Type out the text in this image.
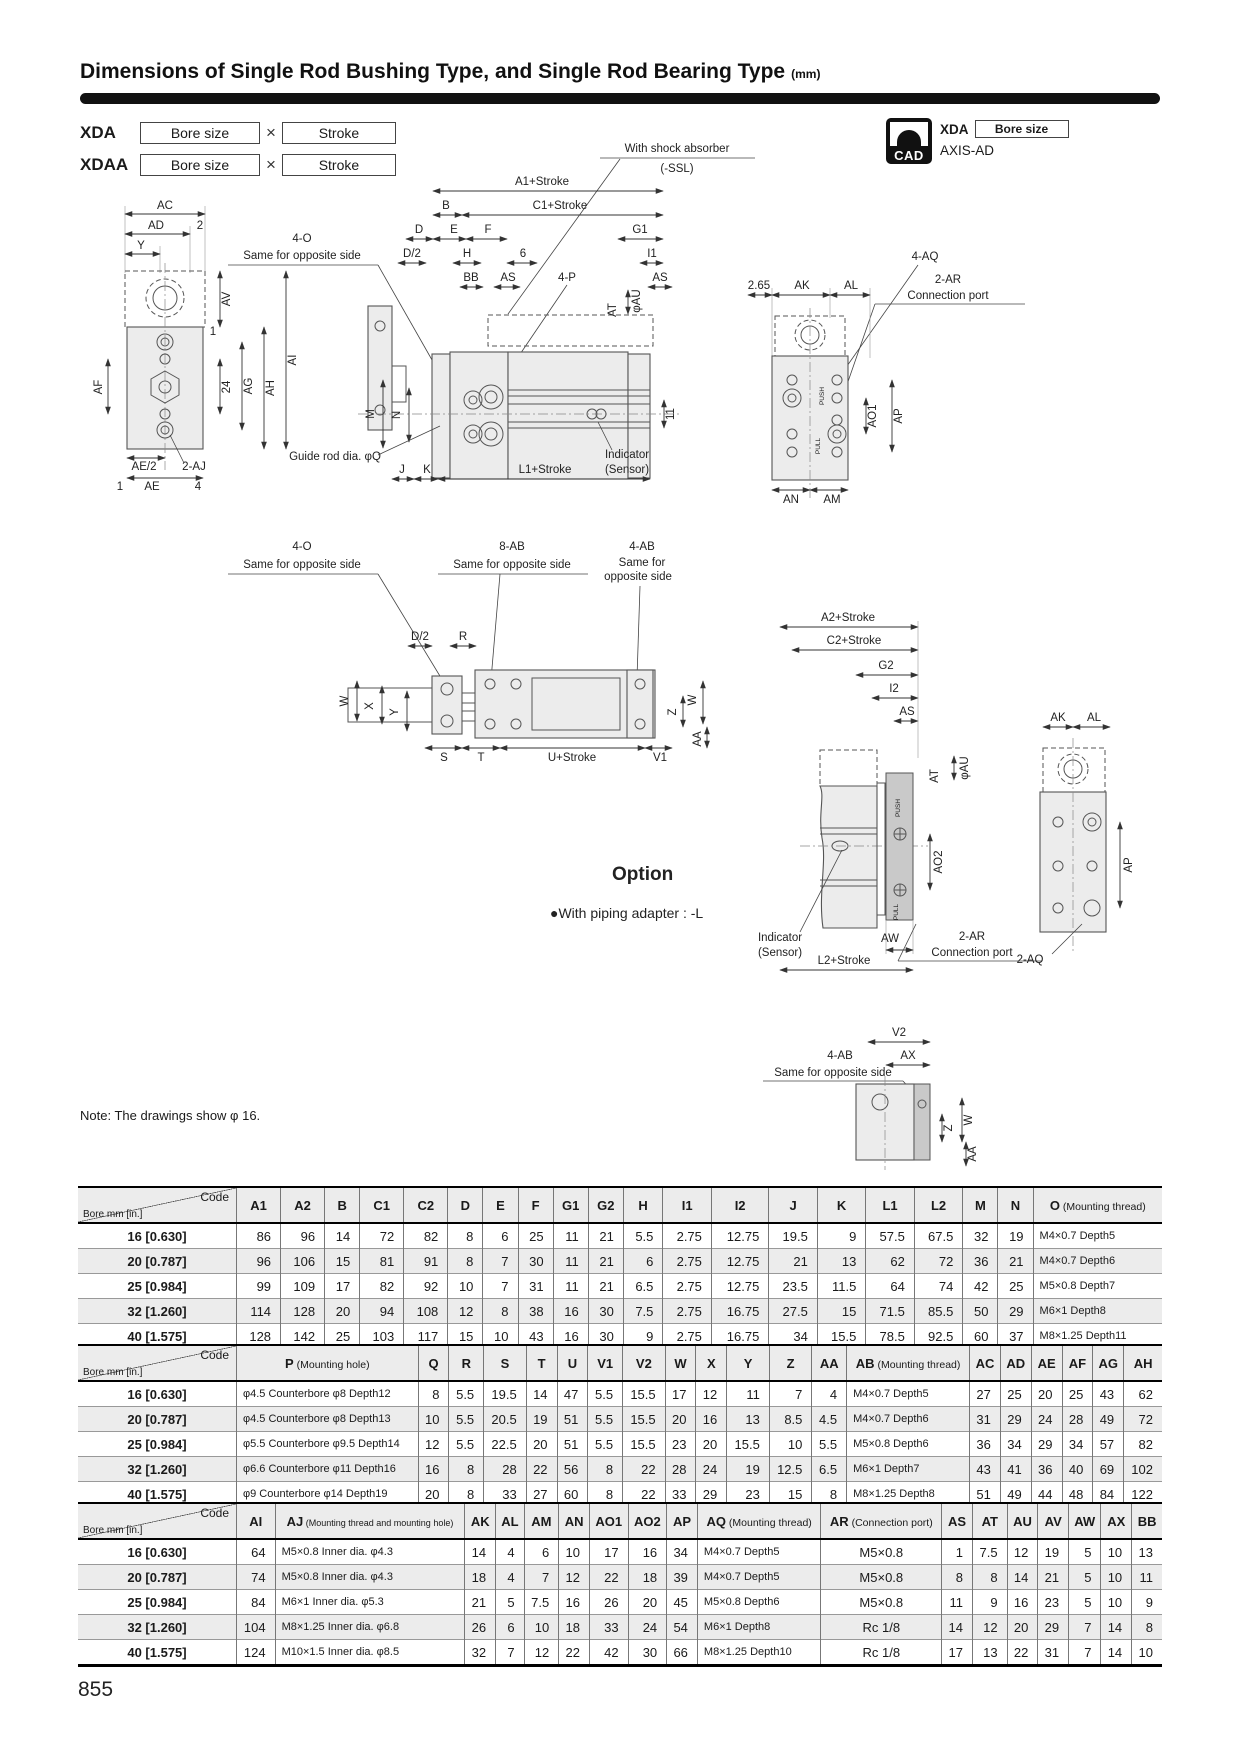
Dimensions of Single Rod Bushing Type, and Single Rod Bearing Type (mm)
XDA	Bore size	×	Stroke
XDAA	Bore size	×	Stroke
CAD
XDA	Bore size
AXIS-AD
AC
AD	2
Y
AF
AV
1
24 AG AH
AI
AE/2 2-AJ
1 AE	4
4-O
Same for opposite side
With shock absorber
(-SSL)
A1+Stroke
C1+Stroke
B
D E F	G1
D/2	H	6	I1
BB AS	4-P	AS
φAU
AT
M N	11
Guide rod dia. φQ
J K	L1+Stroke
Indicator
(Sensor)
4-AQ
2-AR
Connection port
2.65 AK	AL
PUSH
PULL
AO1 AP
AN AM
4-O
Same for opposite side
8-AB
Same for opposite side
4-AB
Same for
opposite side
D/2	R
W X
Y	Z
W
AA
S	T	U+Stroke	V1
A2+Stroke
C2+Stroke
G2
I2
AS
PUSH
PULL
φAU
AT
AO2
Indicator
(Sensor)
AW
L2+Stroke
2-AR
Connection port
AK AL
AP
2-AQ
Option
●With piping adapter : -L
V2
AX
4-AB
Same for opposite side
Z
W
AA
Note: The drawings show φ 16.
Code
Bore mm [in.]	A1	A2	B	C1	C2	D	E	F	G1	G2	H	I1	I2	J	K	L1	L2	M	N	O (Mounting thread)
16 [0.630]	86	96	14	72	82	8	6	25	11	21	5.5	2.75	12.75	19.5	9	57.5	67.5	32	19	M4×0.7 Depth5
20 [0.787]	96	106	15	81	91	8	7	30	11	21	6	2.75	12.75	21	13	62	72	36	21	M4×0.7 Depth6
25 [0.984]	99	109	17	82	92	10	7	31	11	21	6.5	2.75	12.75	23.5	11.5	64	74	42	25	M5×0.8 Depth7
32 [1.260]	114	128	20	94	108	12	8	38	16	30	7.5	2.75	16.75	27.5	15	71.5	85.5	50	29	M6×1 Depth8
40 [1.575]	128	142	25	103	117	15	10	43	16	30	9	2.75	16.75	34	15.5	78.5	92.5	60	37	M8×1.25 Depth11
Code
Bore mm [in.]	P (Mounting hole)	Q	R	S	T	U	V1	V2	W	X	Y	Z	AA	AB (Mounting thread)	AC	AD	AE	AF	AG	AH
16 [0.630]	φ4.5 Counterbore φ8 Depth12	8	5.5	19.5	14	47	5.5	15.5	17	12	11	7	4	M4×0.7 Depth5	27	25	20	25	43	62
20 [0.787]	φ4.5 Counterbore φ8 Depth13	10	5.5	20.5	19	51	5.5	15.5	20	16	13	8.5	4.5	M4×0.7 Depth6	31	29	24	28	49	72
25 [0.984]	φ5.5 Counterbore φ9.5 Depth14	12	5.5	22.5	20	51	5.5	15.5	23	20	15.5	10	5.5	M5×0.8 Depth6	36	34	29	34	57	82
32 [1.260]	φ6.6 Counterbore φ11 Depth16	16	8	28	22	56	8	22	28	24	19	12.5	6.5	M6×1 Depth7	43	41	36	40	69	102
40 [1.575]	φ9 Counterbore φ14 Depth19	20	8	33	27	60	8	22	33	29	23	15	8	M8×1.25 Depth8	51	49	44	48	84	122
Code
Bore mm [in.]	AI	AJ (Mounting thread and mounting hole)	AK	AL	AM	AN	AO1	AO2	AP	AQ (Mounting thread)	AR (Connection port)	AS	AT	AU	AV	AW	AX	BB
16 [0.630]	64	M5×0.8 Inner dia. φ4.3	14	4	6	10	17	16	34	M4×0.7 Depth5	M5×0.8	1	7.5	12	19	5	10	13
20 [0.787]	74	M5×0.8 Inner dia. φ4.3	18	4	7	12	22	18	39	M4×0.7 Depth5	M5×0.8	8	8	14	21	5	10	11
25 [0.984]	84	M6×1 Inner dia. φ5.3	21	5	7.5	16	26	20	45	M5×0.8 Depth6	M5×0.8	11	9	16	23	5	10	9
32 [1.260]	104	M8×1.25 Inner dia. φ6.8	26	6	10	18	33	24	54	M6×1 Depth8	Rc 1/8	14	12	20	29	7	14	8
40 [1.575]	124	M10×1.5 Inner dia. φ8.5	32	7	12	22	42	30	66	M8×1.25 Depth10	Rc 1/8	17	13	22	31	7	14	10
855
